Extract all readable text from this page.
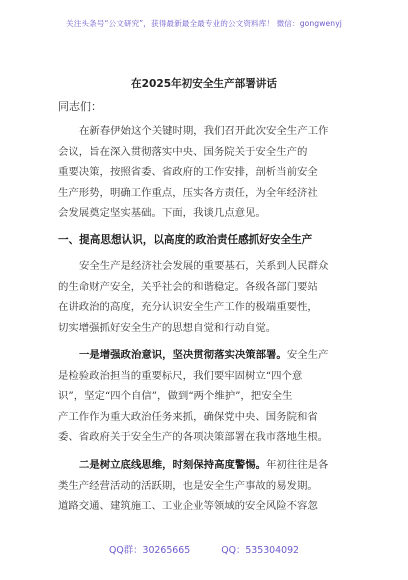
关注头条号“公文研究”，获得最新最全最专业的公文资料库！ 微信：gongwenyj
在2025年初安全生产部署讲话
同志们：
在新春伊始这个关键时期，我们召开此次安全生产工作
会议，旨在深入贯彻落实中央、国务院关于安全生产的
重要决策，按照省委、省政府的工作安排，剖析当前安全
生产形势，明确工作重点，压实各方责任，为全年经济社
会发展奠定坚实基础。下面，我谈几点意见。
一、提高思想认识，以高度的政治责任感抓好安全生产
安全生产是经济社会发展的重要基石，关系到人民群众
的生命财产安全，关乎社会的和谐稳定。各级各部门要站
在讲政治的高度，充分认识安全生产工作的极端重要性，
切实增强抓好安全生产的思想自觉和行动自觉。
一是增强政治意识，坚决贯彻落实决策部署。安全生产
是检验政治担当的重要标尺，我们要牢固树立“四个意
识”，坚定“四个自信”，做到“两个维护”，把安全生
产工作作为重大政治任务来抓，确保党中央、国务院和省
委、省政府关于安全生产的各项决策部署在我市落地生根。
二是树立底线思维，时刻保持高度警惕。年初往往是各
类生产经营活动的活跃期，也是安全生产事故的易发期。
道路交通、建筑施工、工业企业等领域的安全风险不容忽
QQ群：30265665	QQ：535304092
